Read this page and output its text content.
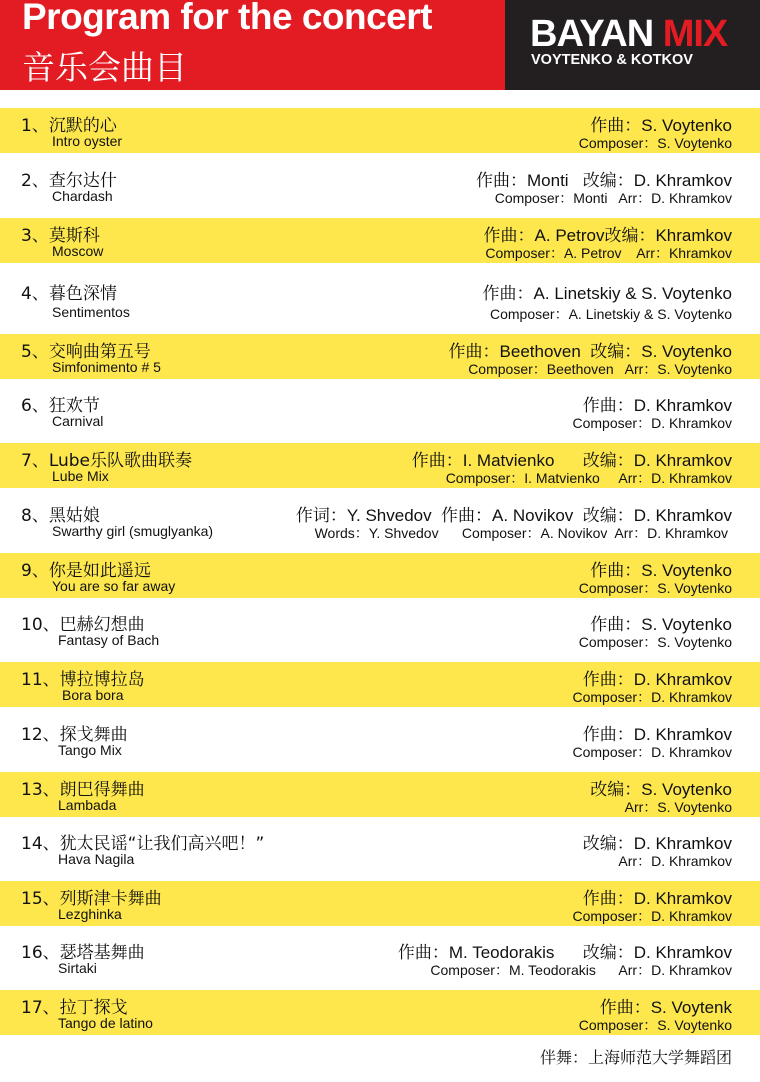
Program for the concert
音乐会曲目
BAYAN MIX
VOYTENKO & KOTKOV
1、沉默的心
Intro oyster
作曲：S. Voytenko
Composer：S. Voytenko
2、查尔达什
Chardash
作曲：Monti   改编：D. Khramkov
Composer：Monti   Arr：D. Khramkov
3、莫斯科
Moscow
作曲：A. Petrov改编：Khramkov
Composer：A. Petrov    Arr：Khramkov
4、暮色深情
Sentimentos
作曲：A. Linetskiy & S. Voytenko
Composer：A. Linetskiy & S. Voytenko
5、交响曲第五号
Simfonimento # 5
作曲：Beethoven  改编：S. Voytenko
Composer：Beethoven   Arr：S. Voytenko
6、狂欢节
Carnival
作曲：D. Khramkov
Composer：D. Khramkov
7、Lube乐队歌曲联奏
Lube Mix
作曲：I. Matvienko      改编：D. Khramkov
Composer：I. Matvienko     Arr：D. Khramkov
8、黑姑娘
Swarthy girl (smuglyanka)
作词：Y. Shvedov  作曲：A. Novikov  改编：D. Khramkov
Words：Y. Shvedov      Composer：A. Novikov  Arr：D. Khramkov
9、你是如此遥远
You are so far away
作曲：S. Voytenko
Composer：S. Voytenko
10、巴赫幻想曲
Fantasy of Bach
作曲：S. Voytenko
Composer：S. Voytenko
11、博拉博拉岛
Bora bora
作曲：D. Khramkov
Composer：D. Khramkov
12、探戈舞曲
Tango Mix
作曲：D. Khramkov
Composer：D. Khramkov
13、朗巴得舞曲
Lambada
改编：S. Voytenko
Arr：S. Voytenko
14、犹太民谣“让我们高兴吧！”
Hava Nagila
改编：D. Khramkov
Arr：D. Khramkov
15、列斯津卡舞曲
Lezghinka
作曲：D. Khramkov
Composer：D. Khramkov
16、瑟塔基舞曲
Sirtaki
作曲：M. Teodorakis      改编：D. Khramkov
Composer：M. Teodorakis      Arr：D. Khramkov
17、拉丁探戈
Tango de latino
作曲：S. Voytenk
Composer：S. Voytenko
伴舞：上海师范大学舞蹈团
